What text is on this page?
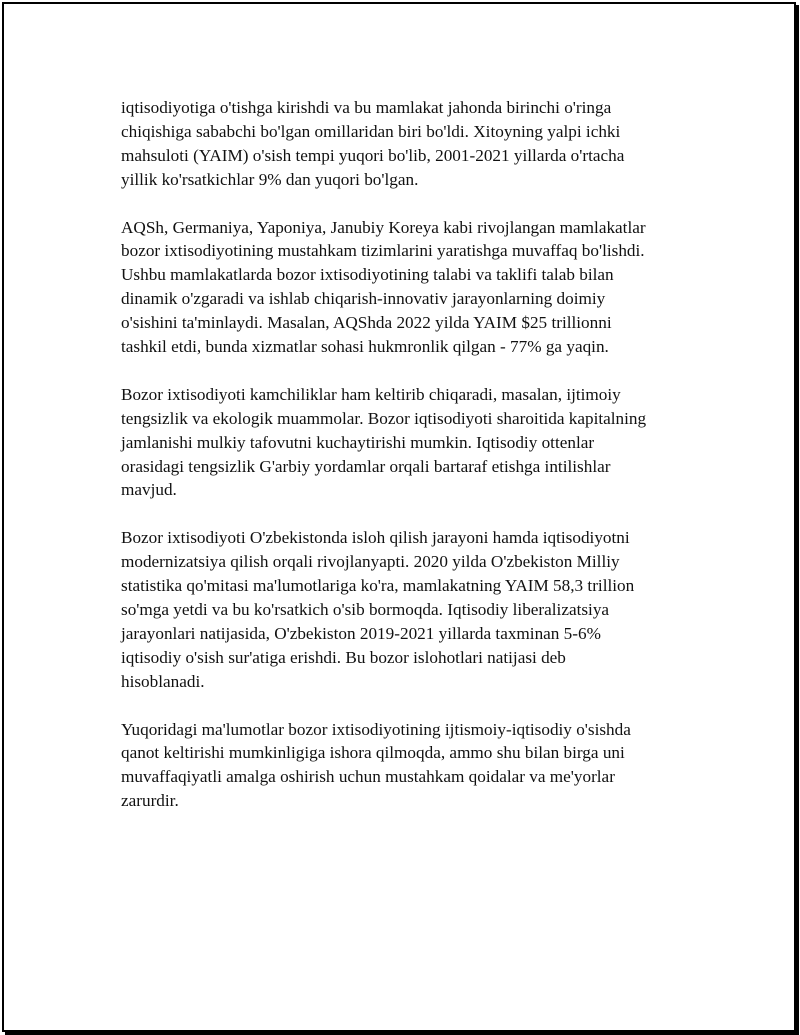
iqtisodiyotiga o'tishga kirishdi va bu mamlakat jahonda birinchi o'ringa
chiqishiga sababchi bo'lgan omillaridan biri bo'ldi. Xitoyning yalpi ichki
mahsuloti (YAIM) o'sish tempi yuqori bo'lib, 2001-2021 yillarda o'rtacha
yillik ko'rsatkichlar 9% dan yuqori bo'lgan.

AQSh, Germaniya, Yaponiya, Janubiy Koreya kabi rivojlangan mamlakatlar
bozor ixtisodiyotining mustahkam tizimlarini yaratishga muvaffaq bo'lishdi.
Ushbu mamlakatlarda bozor ixtisodiyotining talabi va taklifi talab bilan
dinamik o'zgaradi va ishlab chiqarish-innovativ jarayonlarning doimiy
o'sishini ta'minlaydi. Masalan, AQShda 2022 yilda YAIM $25 trillionni
tashkil etdi, bunda xizmatlar sohasi hukmronlik qilgan - 77% ga yaqin.

Bozor ixtisodiyoti kamchiliklar ham keltirib chiqaradi, masalan, ijtimoiy
tengsizlik va ekologik muammolar. Bozor iqtisodiyoti sharoitida kapitalning
jamlanishi mulkiy tafovutni kuchaytirishi mumkin. Iqtisodiy ottenlar
orasidagi tengsizlik G'arbiy yordamlar orqali bartaraf etishga intilishlar
mavjud.

Bozor ixtisodiyoti O'zbekistonda isloh qilish jarayoni hamda iqtisodiyotni
modernizatsiya qilish orqali rivojlanyapti. 2020 yilda O'zbekiston Milliy
statistika qo'mitasi ma'lumotlariga ko'ra, mamlakatning YAIM 58,3 trillion
so'mga yetdi va bu ko'rsatkich o'sib bormoqda. Iqtisodiy liberalizatsiya
jarayonlari natijasida, O'zbekiston 2019-2021 yillarda taxminan 5-6%
iqtisodiy o'sish sur'atiga erishdi. Bu bozor islohotlari natijasi deb
hisoblanadi.

Yuqoridagi ma'lumotlar bozor ixtisodiyotining ijtismoiy-iqtisodiy o'sishda
qanot keltirishi mumkinligiga ishora qilmoqda, ammo shu bilan birga uni
muvaffaqiyatli amalga oshirish uchun mustahkam qoidalar va me'yorlar
zarurdir.
